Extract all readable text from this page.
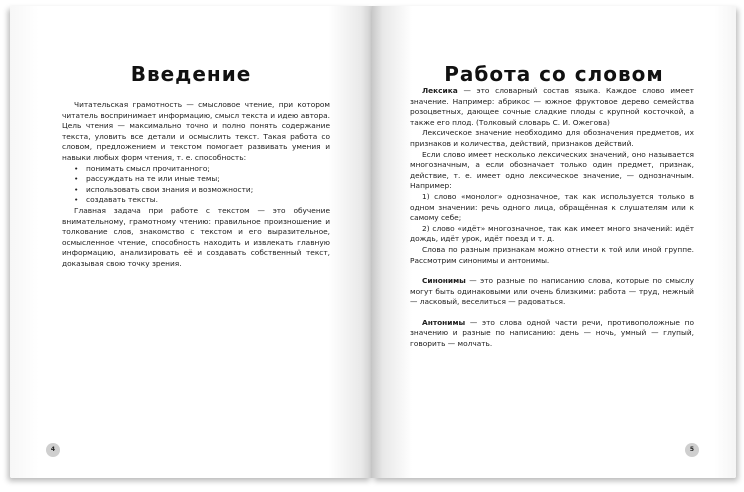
Введение

Читательская грамотность — смысловое чтение, при котором читатель воспринимает информацию, смысл текста и идею автора. Цель чтения — максимально точно и полно понять содержание текста, уловить все детали и осмыслить текст. Такая работа со словом, предложением и текстом помогает развивать умения и навыки любых форм чтения, т. е. способность:

• понимать смысл прочитанного;
• рассуждать на те или иные темы;
• использовать свои знания и возможности;
• создавать тексты.

Главная задача при работе с текстом — это обучение внимательному, грамотному чтению: правильное произношение и толкование слов, знакомство с текстом и его выразительное, осмысленное чтение, способность находить и извлекать главную информацию, анализировать её и создавать собственный текст, доказывая свою точку зрения.

4
Работа со словом

Лексика — это словарный состав языка. Каждое слово имеет значение. Например: абрикос — южное фруктовое дерево семейства розоцветных, дающее сочные сладкие плоды с крупной косточкой, а также его плод. (Толковый словарь С. И. Ожегова)

Лексическое значение необходимо для обозначения предметов, их признаков и количества, действий, признаков действий.

Если слово имеет несколько лексических значений, оно называется многозначным, а если обозначает только один предмет, признак, действие, т. е. имеет одно лексическое значение, — однозначным. Например:

1) слово «монолог» однозначное, так как используется только в одном значении: речь одного лица, обращённая к слушателям или к самому себе;

2) слово «идёт» многозначное, так как имеет много значений: идёт дождь, идёт урок, идёт поезд и т. д.

Слова по разным признакам можно отнести к той или иной группе. Рассмотрим синонимы и антонимы.

Синонимы — это разные по написанию слова, которые по смыслу могут быть одинаковыми или очень близкими: работа — труд, нежный — ласковый, веселиться — радоваться.

Антонимы — это слова одной части речи, противоположные по значению и разные по написанию: день — ночь, умный — глупый, говорить — молчать.

5
